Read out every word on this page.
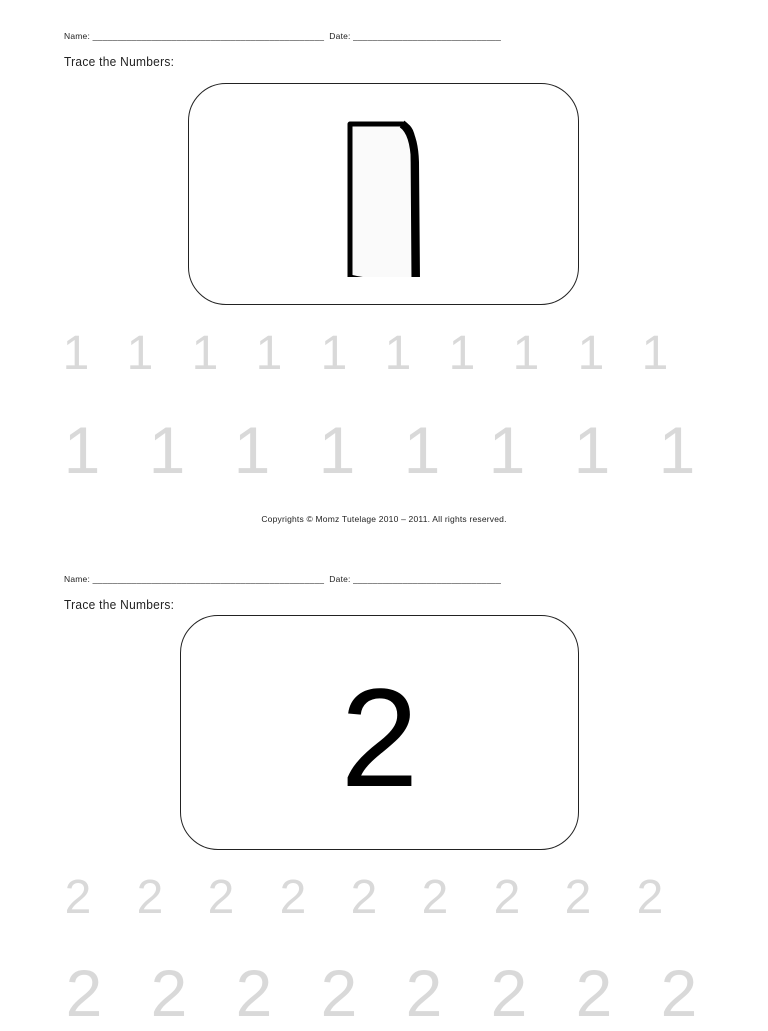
Name: _______________________________________________  Date: ______________________________
Trace the Numbers:
1 1 1 1 1 1 1 1 1 1
1 1 1 1 1 1 1 1
Copyrights © Momz Tutelage 2010 – 2011. All rights reserved.
Name: _______________________________________________  Date: ______________________________
Trace the Numbers:
2
2 2 2 2 2 2 2 2 2
2 2 2 2 2 2 2 2
